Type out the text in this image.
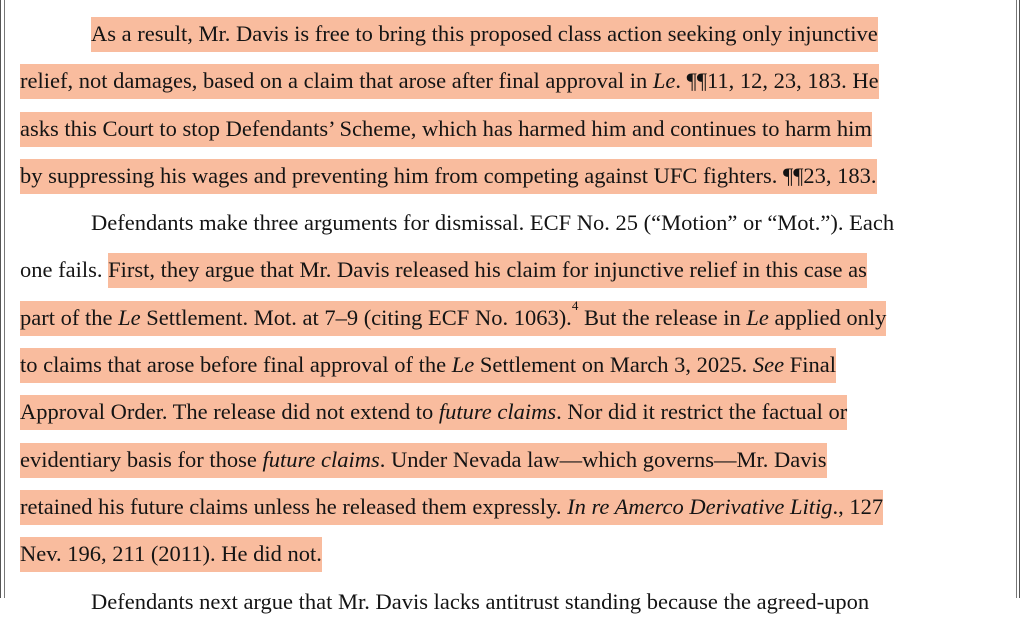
As a result, Mr. Davis is free to bring this proposed class action seeking only injunctive
relief, not damages, based on a claim that arose after final approval in Le. ¶¶11, 12, 23, 183. He
asks this Court to stop Defendants’ Scheme, which has harmed him and continues to harm him
by suppressing his wages and preventing him from competing against UFC fighters. ¶¶23, 183.
Defendants make three arguments for dismissal. ECF No. 25 (“Motion” or “Mot.”). Each
one fails. First, they argue that Mr. Davis released his claim for injunctive relief in this case as
part of the Le Settlement. Mot. at 7–9 (citing ECF No. 1063).$^4$ But the release in Le applied only
to claims that arose before final approval of the Le Settlement on March 3, 2025. See Final
Approval Order. The release did not extend to future claims. Nor did it restrict the factual or
evidentiary basis for those future claims. Under Nevada law—which governs—Mr. Davis
retained his future claims unless he released them expressly. In re Amerco Derivative Litig., 127
Nev. 196, 211 (2011). He did not.
Defendants next argue that Mr. Davis lacks antitrust standing because the agreed-upon
